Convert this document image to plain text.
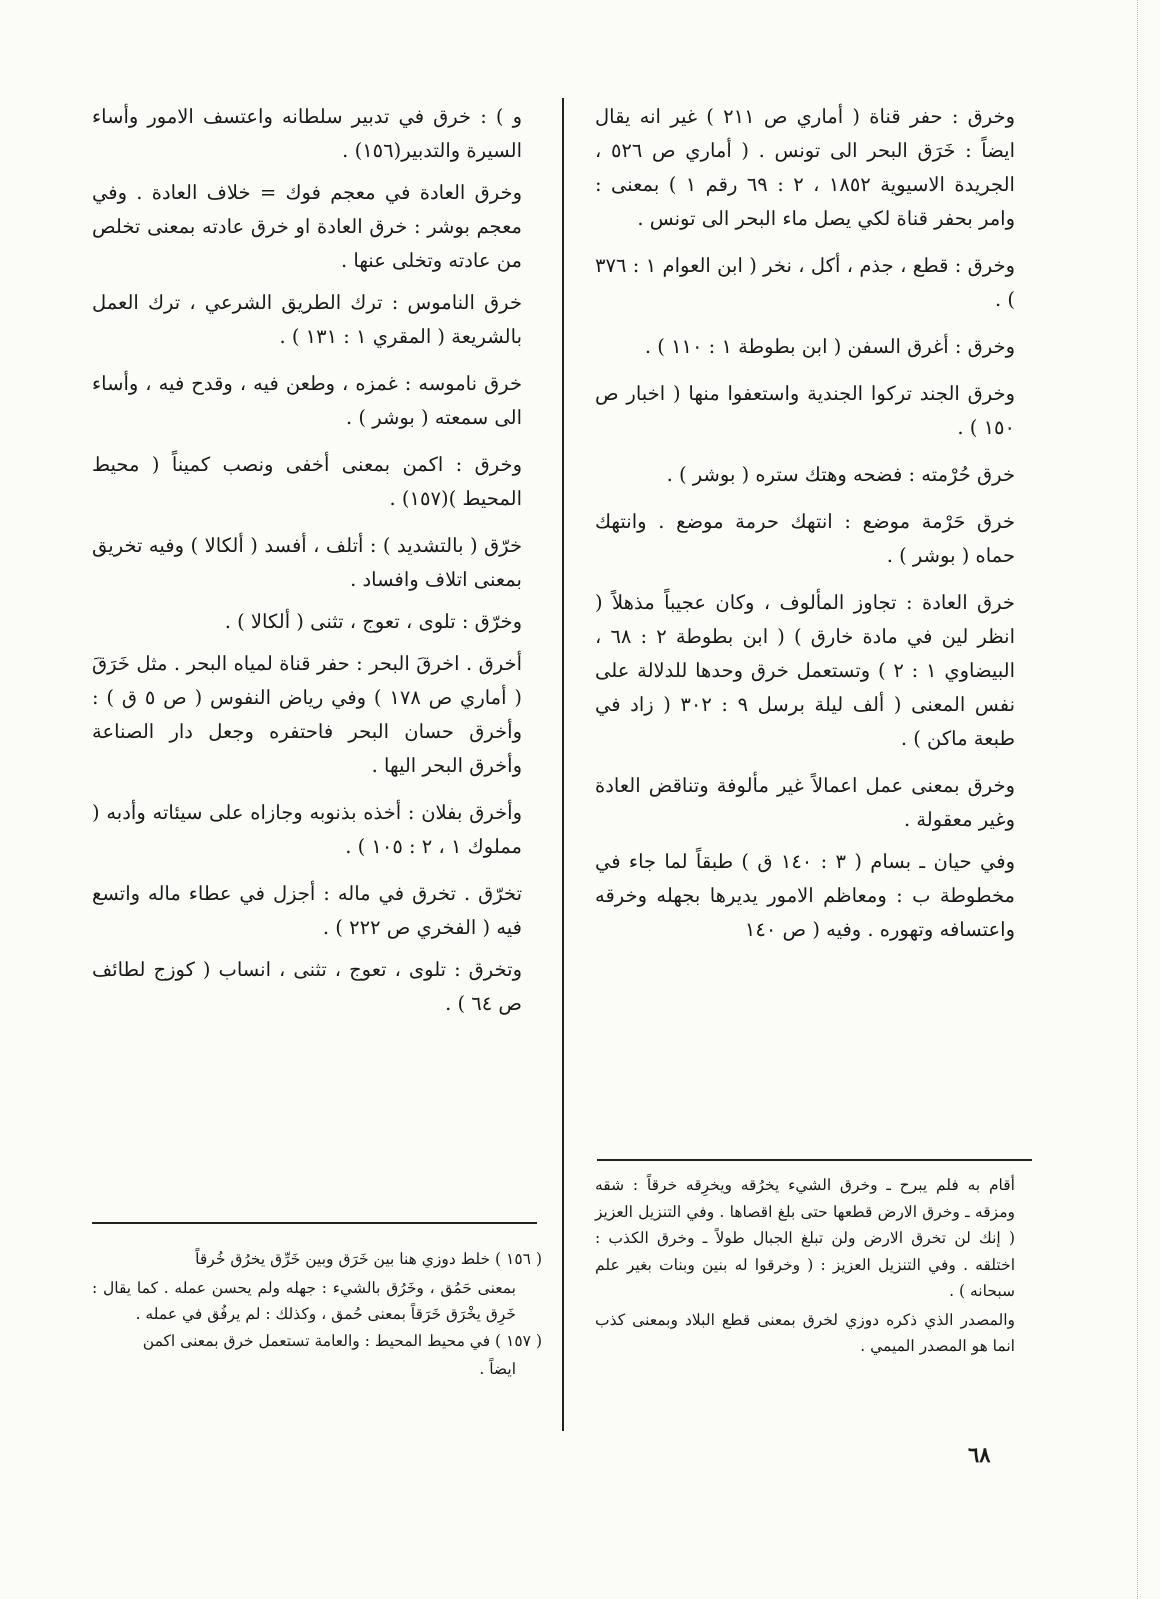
وخرق : حفر قناة ( أماري ص ٢١١ ) غير انه يقال ايضاً : خَرَق البحر الى تونس . ( أماري ص ٥٢٦ ، الجريدة الاسيوية ١٨٥٢ ، ٢ : ٦٩ رقم ١ ) بمعنى : وامر بحفر قناة لكي يصل ماء البحر الى تونس .

وخرق : قطع ، جذم ، أكل ، نخر ( ابن العوام ١ : ٣٧٦ ) .

وخرق : أغرق السفن ( ابن بطوطة ١ : ١١٠ ) .

وخرق الجند تركوا الجندية واستعفوا منها ( اخبار ص ١٥٠ ) .

خرق حُرْمته : فضحه وهتك ستره ( بوشر ) .

خرق حَرْمة موضع : انتهك حرمة موضع . وانتهك حماه ( بوشر ) .

خرق العادة : تجاوز المألوف ، وكان عجيباً مذهلاً ( انظر لين في مادة خارق ) ( ابن بطوطة ٢ : ٦٨ ، البيضاوي ١ : ٢ ) وتستعمل خرق وحدها للدلالة على نفس المعنى ( ألف ليلة برسل ٩ : ٣٠٢ ( زاد في طبعة ماكن ) .

وخرق بمعنى عمل اعمالاً غير مألوفة وتناقض العادة وغير معقولة .

وفي حيان ـ بسام ( ٣ : ١٤٠ ق ) طبقاً لما جاء في مخطوطة ب : ومعاظم الامور يديرها بجهله وخرقه واعتسافه وتهوره . وفيه ( ص ١٤٠

و ) : خرق في تدبير سلطانه واعتسف الامور وأساء السيرة والتدبير(١٥٦) .

وخرق العادة في معجم فوك = خلاف العادة . وفي معجم بوشر : خرق العادة او خرق عادته بمعنى تخلص من عادته وتخلى عنها .

خرق الناموس : ترك الطريق الشرعي ، ترك العمل بالشريعة ( المقري ١ : ١٣١ ) .

خرق ناموسه : غمزه ، وطعن فيه ، وقدح فيه ، وأساء الى سمعته ( بوشر ) .

وخرق : اكمن بمعنى أخفى ونصب كميناً ( محيط المحيط )(١٥٧) .

خرّق ( بالتشديد ) : أتلف ، أفسد ( ألكالا ) وفيه تخريق بمعنى اتلاف وافساد .

وخرّق : تلوى ، تعوج ، تثنى ( ألكالا ) .

أخرق . اخرقَ البحر : حفر قناة لمياه البحر . مثل خَرَقَ ( أماري ص ١٧٨ ) وفي رياض النفوس ( ص ٥ ق ) : وأخرق حسان البحر فاحتفره وجعل دار الصناعة وأخرق البحر اليها .

وأخرق بفلان : أخذه بذنوبه وجازاه على سيئاته وأدبه ( مملوك ١ ، ٢ : ١٠٥ ) .

تخرّق . تخرق في ماله : أجزل في عطاء ماله واتسع فيه ( الفخري ص ٢٢٢ ) .

وتخرق : تلوى ، تعوج ، تثنى ، انساب ( كوزج لطائف ص ٦٤ ) .

أقام به فلم يبرح ـ وخرق الشيء يخرُقه ويخرِقه خرقاً : شقه ومزقه ـ وخرق الارض قطعها حتى بلغ اقصاها . وفي التنزيل العزيز ( إنك لن تخرق الارض ولن تبلغ الجبال طولاً ـ وخرق الكذب : اختلقه . وفي التنزيل العزيز : ( وخرقوا له بنين وبنات بغير علم سبحانه ) .

والمصدر الذي ذكره دوزي لخرق بمعنى قطع البلاد وبمعنى كذب انما هو المصدر الميمي .

( ١٥٦ ) خلط دوزي هنا بين خَرَق وبين خَرِّق يخرُق خُرقاً

بمعنى حَمُق ، وخَرُق بالشيء : جهله ولم يحسن عمله . كما يقال : خَرِق يخْرَق خَرَقاً بمعنى حُمق ، وكذلك : لم يرفُق في عمله .

( ١٥٧ ) في محيط المحيط : والعامة تستعمل خرق بمعنى اكمن

ايضاً .

٦٨
